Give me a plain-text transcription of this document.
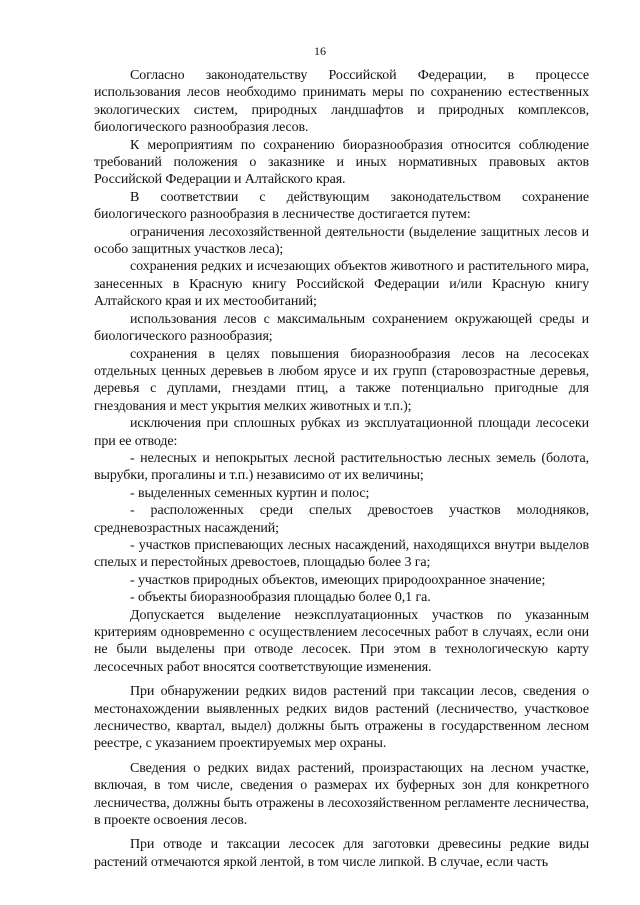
16

Согласно законодательству Российской Федерации, в процессе использования лесов необходимо принимать меры по сохранению естественных экологических систем, природных ландшафтов и природных комплексов, биологического разнообразия лесов.

К мероприятиям по сохранению биоразнообразия относится соблюдение требований положения о заказнике и иных нормативных правовых актов Российской Федерации и Алтайского края.

В соответствии с действующим законодательством сохранение биологического разнообразия в лесничестве достигается путем:

ограничения лесохозяйственной деятельности (выделение защитных лесов и особо защитных участков леса);

сохранения редких и исчезающих объектов животного и растительного мира, занесенных в Красную книгу Российской Федерации и/или Красную книгу Алтайского края и их местообитаний;

использования лесов с максимальным сохранением окружающей среды и биологического разнообразия;

сохранения в целях повышения биоразнообразия лесов на лесосеках отдельных ценных деревьев в любом ярусе и их групп (старовозрастные деревья, деревья с дуплами, гнездами птиц, а также потенциально пригодные для гнездования и мест укрытия мелких животных и т.п.);

исключения при сплошных рубках из эксплуатационной площади лесосеки при ее отводе:

- нелесных и непокрытых лесной растительностью лесных земель (болота, вырубки, прогалины и т.п.) независимо от их величины;

- выделенных семенных куртин и полос;

- расположенных среди спелых древостоев участков молодняков, средневозрастных насаждений;

- участков приспевающих лесных насаждений, находящихся внутри выделов спелых и перестойных древостоев, площадью более 3 га;

- участков природных объектов, имеющих природоохранное значение;

- объекты биоразнообразия площадью более 0,1 га.

Допускается выделение неэксплуатационных участков по указанным критериям одновременно с осуществлением лесосечных работ в случаях, если они не были выделены при отводе лесосек. При этом в технологическую карту лесосечных работ вносятся соответствующие изменения.

При обнаружении редких видов растений при таксации лесов, сведения о местонахождении выявленных редких видов растений (лесничество, участковое лесничество, квартал, выдел) должны быть отражены в государственном лесном реестре, с указанием проектируемых мер охраны.

Сведения о редких видах растений, произрастающих на лесном участке, включая, в том числе, сведения о размерах их буферных зон для конкретного лесничества, должны быть отражены в лесохозяйственном регламенте лесничества, в проекте освоения лесов.

При отводе и таксации лесосек для заготовки древесины редкие виды растений отмечаются яркой лентой, в том числе липкой. В случае, если часть
